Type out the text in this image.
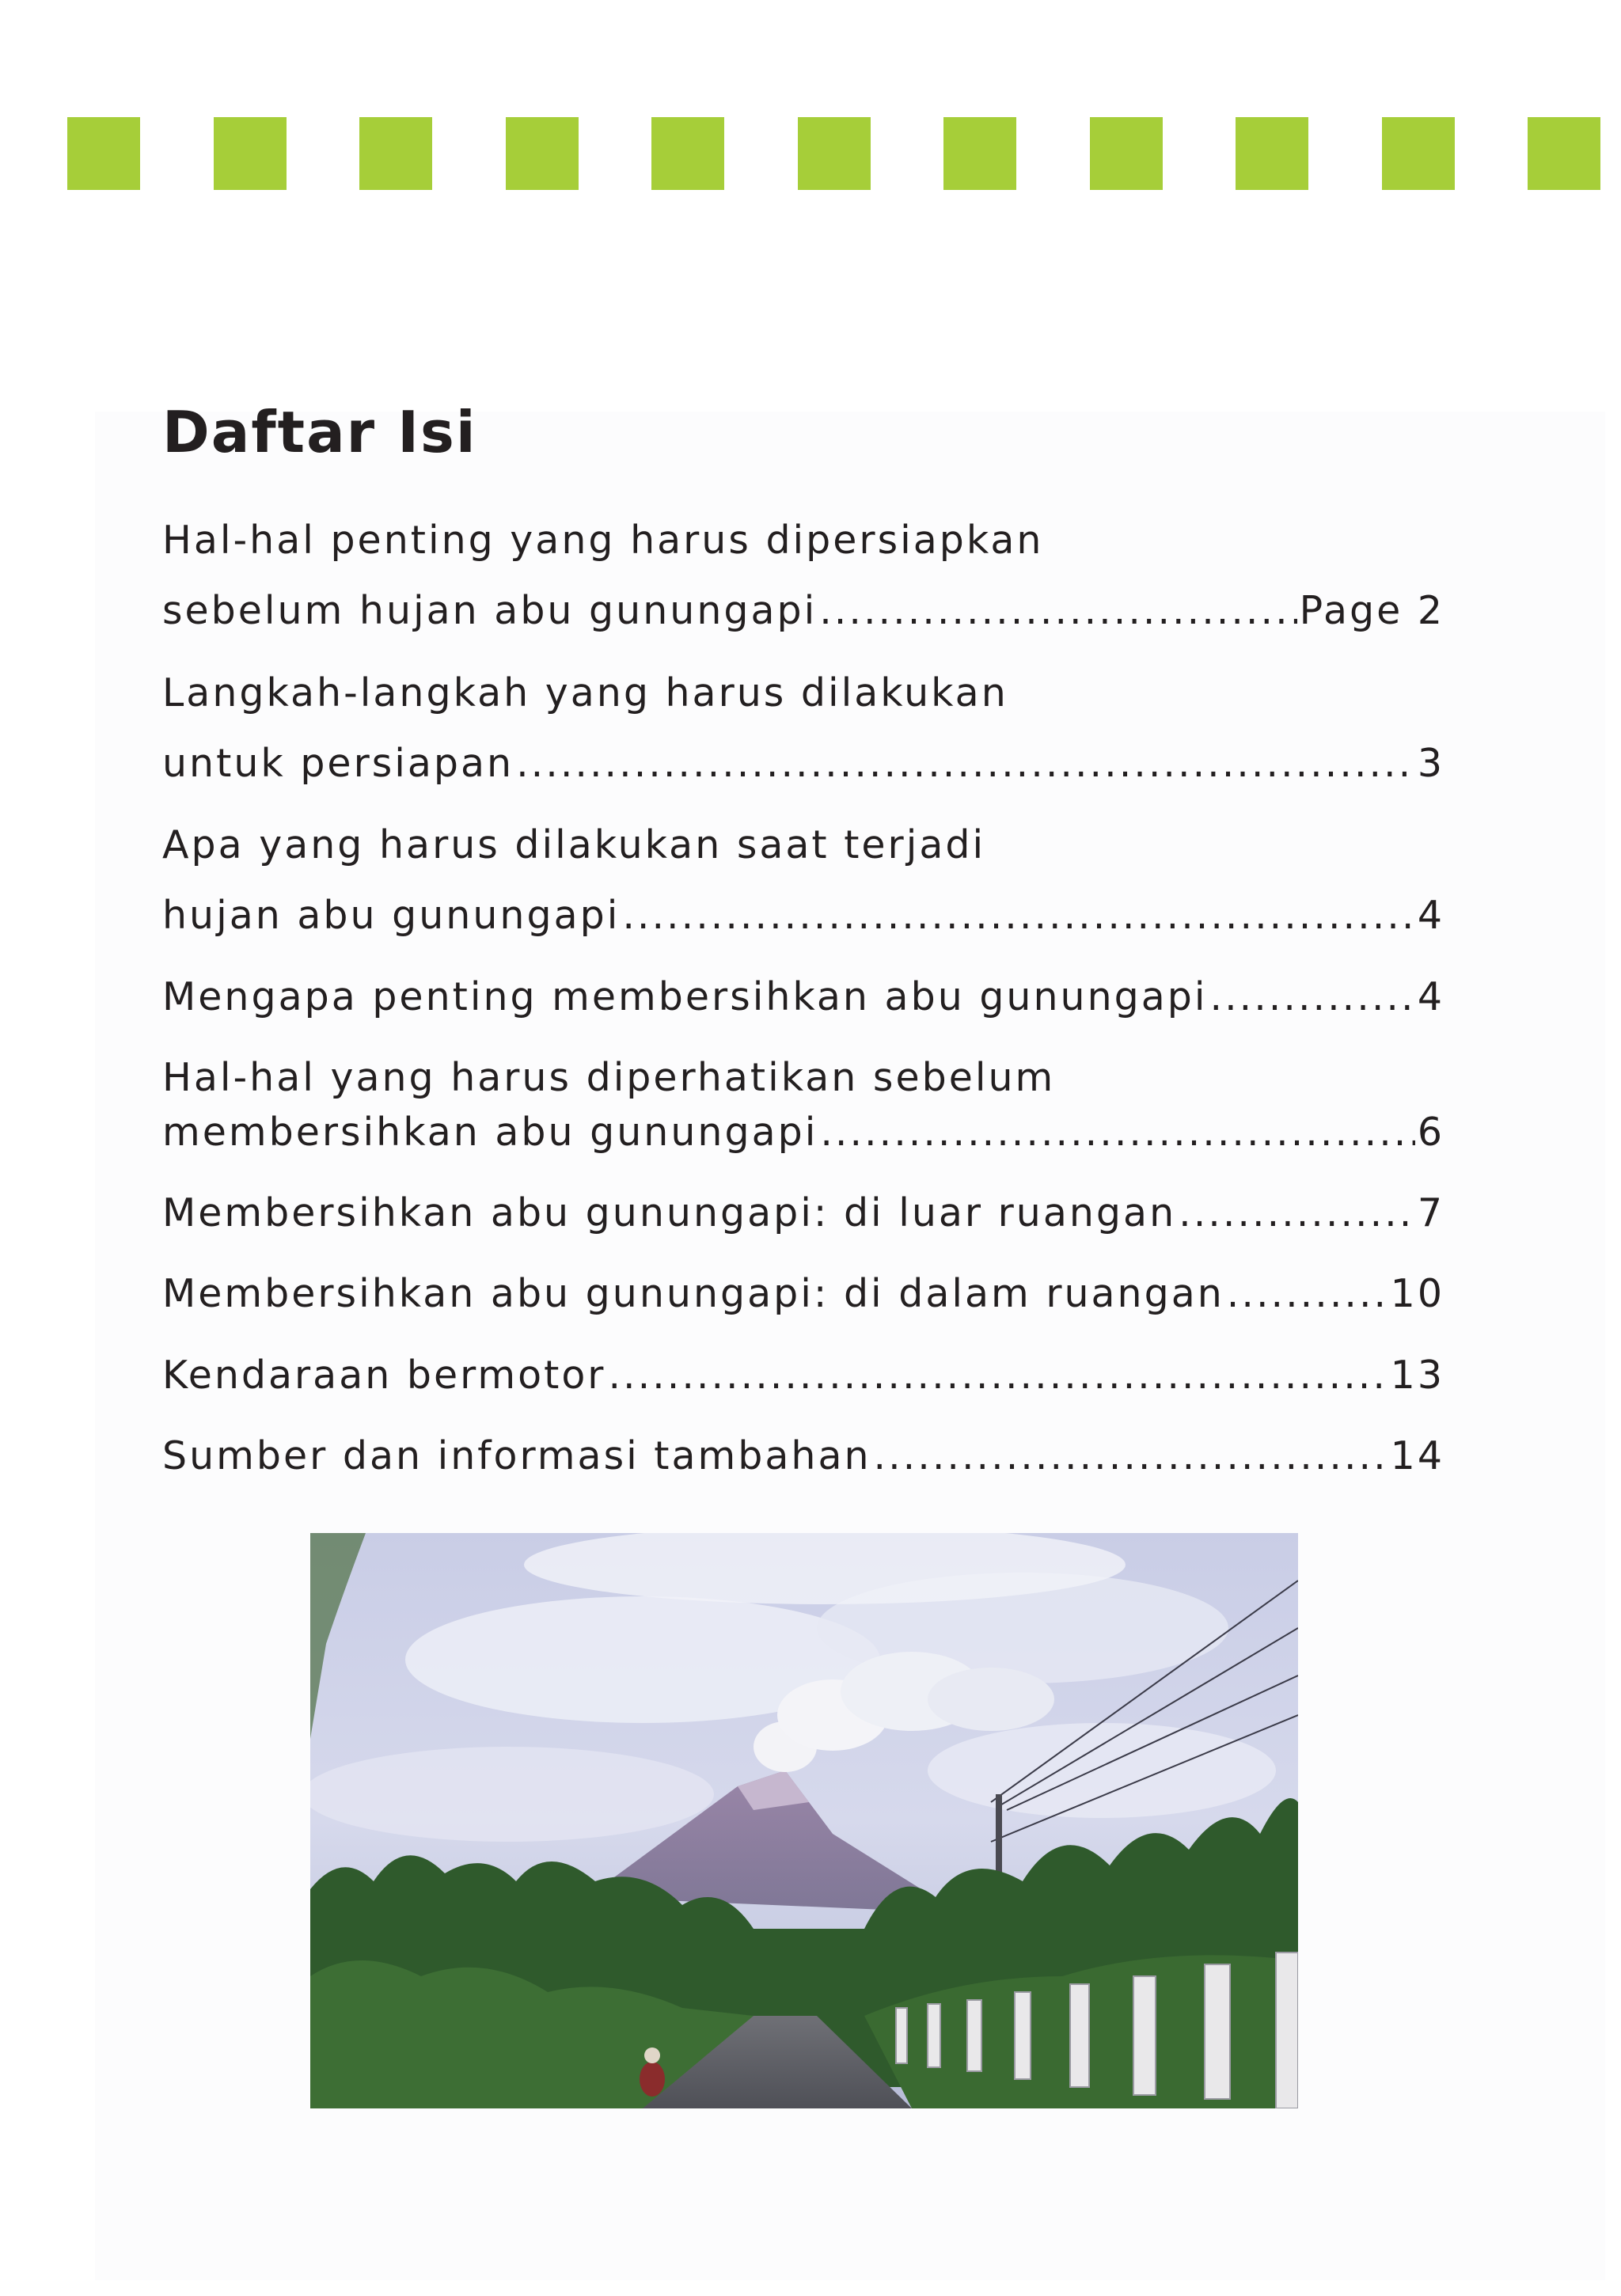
Daftar Isi
Hal-hal penting yang harus dipersiapkan
sebelum hujan abu gunungapi .....	Page 2
Langkah-langkah yang harus dilakukan
untuk persiapan .....	3
Apa yang harus dilakukan saat terjadi
hujan abu gunungapi .....	4
Mengapa penting membersihkan abu gunungapi .....	4
Hal-hal yang harus diperhatikan sebelum
membersihkan abu gunungapi .....	6
Membersihkan abu gunungapi: di luar ruangan .....	7
Membersihkan abu gunungapi: di dalam ruangan .....	10
Kendaraan bermotor .....	13
Sumber dan informasi tambahan .....	14
